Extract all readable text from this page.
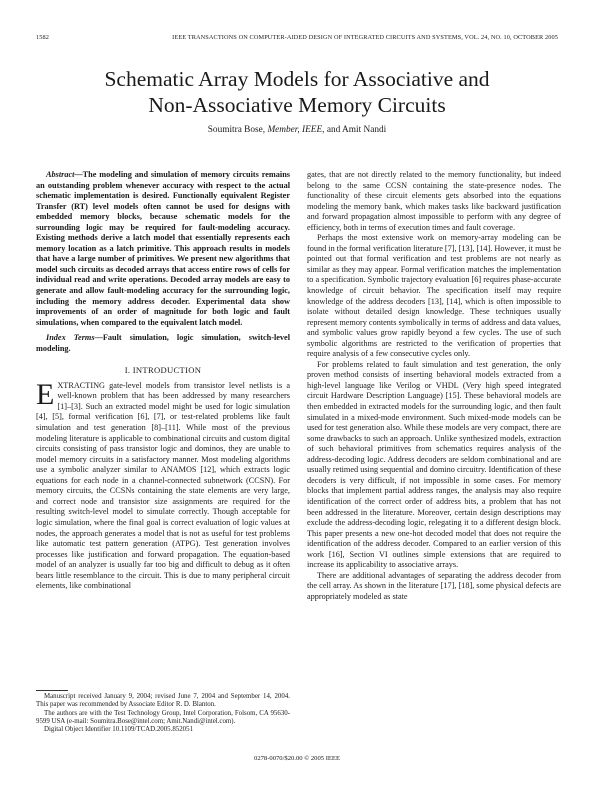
1582	IEEE TRANSACTIONS ON COMPUTER-AIDED DESIGN OF INTEGRATED CIRCUITS AND SYSTEMS, VOL. 24, NO. 10, OCTOBER 2005
Schematic Array Models for Associative and
Non-Associative Memory Circuits
Soumitra Bose, Member, IEEE, and Amit Nandi

Abstract—The modeling and simulation of memory circuits remains an outstanding problem whenever accuracy with respect to the actual schematic implementation is desired. Functionally equivalent Register Transfer (RT) level models often cannot be used for designs with embedded memory blocks, because schematic models for the surrounding logic may be required for fault-modeling accuracy. Existing methods derive a latch model that essentially represents each memory location as a latch primitive. This approach results in models that have a large number of primitives. We present new algorithms that model such circuits as decoded arrays that access entire rows of cells for individual read and write operations. Decoded array models are easy to generate and allow fault-modeling accuracy for the surrounding logic, including the memory address decoder. Experimental data show improvements of an order of magnitude for both logic and fault simulations, when compared to the equivalent latch model.

Index Terms—Fault simulation, logic simulation, switch-level modeling.

I. INTRODUCTION

EXTRACTING gate-level models from transistor level netlists is a well-known problem that has been addressed by many researchers [1]–[3]. Such an extracted model might be used for logic simulation [4], [5], formal verification [6], [7], or test-related problems like fault simulation and test generation [8]–[11]. While most of the previous modeling literature is applicable to combinational circuits and custom digital circuits consisting of pass transistor logic and dominos, they are unable to model memory circuits in a satisfactory manner. Most modeling algorithms use a symbolic analyzer similar to ANAMOS [12], which extracts logic equations for each node in a channel-connected subnetwork (CCSN). For memory circuits, the CCSNs containing the state elements are very large, and correct node and transistor size assignments are required for the resulting switch-level model to simulate correctly. Though acceptable for logic simulation, where the final goal is correct evaluation of logic values at nodes, the approach generates a model that is not as useful for test problems like automatic test pattern generation (ATPG). Test generation involves processes like justification and forward propagation. The equation-based model of an analyzer is usually far too big and difficult to debug as it often bears little resemblance to the circuit. This is due to many peripheral circuit elements, like combinational

gates, that are not directly related to the memory functionality, but indeed belong to the same CCSN containing the state-presence nodes. The functionality of these circuit elements gets absorbed into the equations modeling the memory bank, which makes tasks like backward justification and forward propagation almost impossible to perform with any degree of efficiency, both in terms of execution times and fault coverage.

Perhaps the most extensive work on memory-array modeling can be found in the formal verification literature [7], [13], [14]. However, it must be pointed out that formal verification and test problems are not nearly as similar as they may appear. Formal verification matches the implementation to a specification. Symbolic trajectory evaluation [6] requires phase-accurate knowledge of circuit behavior. The specification itself may require knowledge of the address decoders [13], [14], which is often impossible to isolate without detailed design knowledge. These techniques usually represent memory contents symbolically in terms of address and data values, and symbolic values grow rapidly beyond a few cycles. The use of such symbolic algorithms are restricted to the verification of properties that require analysis of a few consecutive cycles only.

For problems related to fault simulation and test generation, the only proven method consists of inserting behavioral models extracted from a high-level language like Verilog or VHDL (Very high speed integrated circuit Hardware Description Language) [15]. These behavioral models are then embedded in extracted models for the surrounding logic, and then fault simulated in a mixed-mode environment. Such mixed-mode models can be used for test generation also. While these models are very compact, there are some drawbacks to such an approach. Unlike synthesized models, extraction of such behavioral primitives from schematics requires analysis of the address-decoding logic. Address decoders are seldom combinational and are usually retimed using sequential and domino circuitry. Identification of these decoders is very difficult, if not impossible in some cases. For memory blocks that implement partial address ranges, the analysis may also require identification of the correct order of address bits, a problem that has not been addressed in the literature. Moreover, certain design descriptions may exclude the address-decoding logic, relegating it to a different design block. This paper presents a new one-hot decoded model that does not require the identification of the address decoder. Compared to an earlier version of this work [16], Section VI outlines simple extensions that are required to increase its applicability to associative arrays.

There are additional advantages of separating the address decoder from the cell array. As shown in the literature [17], [18], some physical defects are appropriately modeled as state

Manuscript received January 9, 2004; revised June 7, 2004 and September 14, 2004. This paper was recommended by Associate Editor R. D. Blanton.

The authors are with the Test Technology Group, Intel Corporation, Folsom, CA 95630-9599 USA (e-mail: Soumitra.Bose@intel.com; Amit.Nandi@intel.com).

Digital Object Identifier 10.1109/TCAD.2005.852051

0278-0070/$20.00 © 2005 IEEE
